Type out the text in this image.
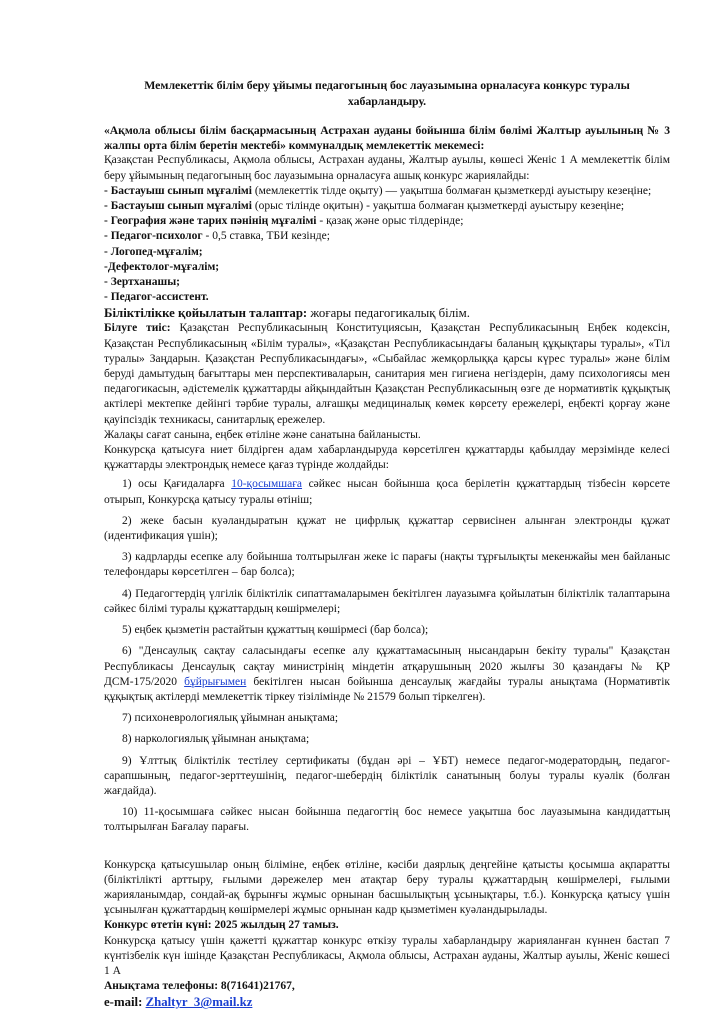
Мемлекеттік білім беру ұйымы педагогының бос лауазымына орналасуға конкурс туралы хабарландыру.

«Ақмола облысы білім басқармасының Астрахан ауданы бойынша білім бөлімі Жалтыр ауылының № 3 жалпы орта білім беретін мектебі» коммуналдық мемлекеттік мекемесі:

Қазақстан Республикасы, Ақмола облысы, Астрахан ауданы, Жалтыр ауылы, көшесі Женіс 1 А мемлекеттік білім беру ұйымының педагогының бос лауазымына орналасуға ашық конкурс жариялайды:

- Бастауыш сынып мұғалімі (мемлекеттік тілде оқыту) — уақытша болмаған қызметкерді ауыстыру кезеңіне;

- Бастауыш сынып мұғалімі (орыс тілінде оқитын) - уақытша болмаған қызметкерді ауыстыру кезеңіне;

- География және тарих пәнінің мұғалімі - қазақ және орыс тілдерінде;

- Педагог-психолог - 0,5 ставка, ТБИ кезінде;

- Логопед-мұғалім;

-Дефектолог-мұғалім;

- Зертханашы;

- Педагог-ассистент.

Біліктілікке қойылатын талаптар: жоғары педагогикалық білім.

Білуге тиіс: Қазақстан Республикасының Конституциясын, Қазақстан Республикасының Еңбек кодексін, Қазақстан Республикасының «Білім туралы», «Қазақстан Республикасындағы баланың құқықтары туралы», «Тіл туралы» Заңдарын. Қазақстан Республикасындағы», «Сыбайлас жемқорлыққа қарсы күрес туралы» және білім беруді дамытудың бағыттары мен перспективаларын, санитария мен гигиена негіздерін, даму психологиясы мен педагогикасын, әдістемелік құжаттарды айқындайтын Қазақстан Республикасының өзге де нормативтік құқықтық актілері мектепке дейінгі тәрбие туралы, алғашқы медициналық көмек көрсету ережелері, еңбекті қорғау және қауіпсіздік техникасы, санитарлық ережелер.

Жалақы сағат санына, еңбек өтіліне және санатына байланысты.

Конкурсқа қатысуға ниет білдірген адам хабарландыруда көрсетілген құжаттарды қабылдау мерзімінде келесі құжаттарды электрондық немесе қағаз түрінде жолдайды:

1) осы Қағидаларға 10-қосымшаға сәйкес нысан бойынша қоса берілетін құжаттардың тізбесін көрсете отырып, Конкурсқа қатысу туралы өтініш;

2) жеке басын куәландыратын құжат не цифрлық құжаттар сервисінен алынған электронды құжат (идентификация үшін);

3) кадрларды есепке алу бойынша толтырылған жеке іс парағы (нақты тұрғылықты мекенжайы мен байланыс телефондары көрсетілген – бар болса);

4) Педагогтердің үлгілік біліктілік сипаттамаларымен бекітілген лауазымға қойылатын біліктілік талаптарына сәйкес білімі туралы құжаттардың көшірмелері;

5) еңбек қызметін растайтын құжаттың көшірмесі (бар болса);

6) "Денсаулық сақтау саласындағы есепке алу құжаттамасының нысандарын бекіту туралы" Қазақстан Республикасы Денсаулық сақтау министрінің міндетін атқарушының 2020 жылғы 30 қазандағы № ҚР ДСМ-175/2020 бұйрығымен бекітілген нысан бойынша денсаулық жағдайы туралы анықтама (Нормативтік құқықтық актілерді мемлекеттік тіркеу тізілімінде № 21579 болып тіркелген).

7) психоневрологиялық ұйымнан анықтама;

8) наркологиялық ұйымнан анықтама;

9) Ұлттық біліктілік тестілеу сертификаты (бұдан әрі – ҰБТ) немесе педагог-модератордың, педагог-сарапшының, педагог-зерттеушінің, педагог-шебердің біліктілік санатының болуы туралы куәлік (болған жағдайда).

10) 11-қосымшаға сәйкес нысан бойынша педагогтің бос немесе уақытша бос лауазымына кандидаттың толтырылған Бағалау парағы.

Конкурсқа қатысушылар оның біліміне, еңбек өтіліне, кәсіби даярлық деңгейіне қатысты қосымша ақпаратты (біліктілікті арттыру, ғылыми дәрежелер мен атақтар беру туралы құжаттардың көшірмелері, ғылыми жарияланымдар, сондай-ақ бұрынғы жұмыс орнынан басшылықтың ұсынықтары, т.б.). Конкурсқа қатысу үшін ұсынылған құжаттардың көшірмелері жұмыс орнынан кадр қызметімен куәландырылады.

Конкурс өтетін күні: 2025 жылдың 27 тамыз.

Конкурсқа қатысу үшін қажетті құжаттар конкурс өткізу туралы хабарландыру жарияланған күннен бастап 7 күнтізбелік күн ішінде Қазақстан Республикасы, Ақмола облысы, Астрахан ауданы, Жалтыр ауылы, Женіс көшесі 1 А

Анықтама телефоны: 8(71641)21767,

e-mail: Zhaltyr_3@mail.kz
